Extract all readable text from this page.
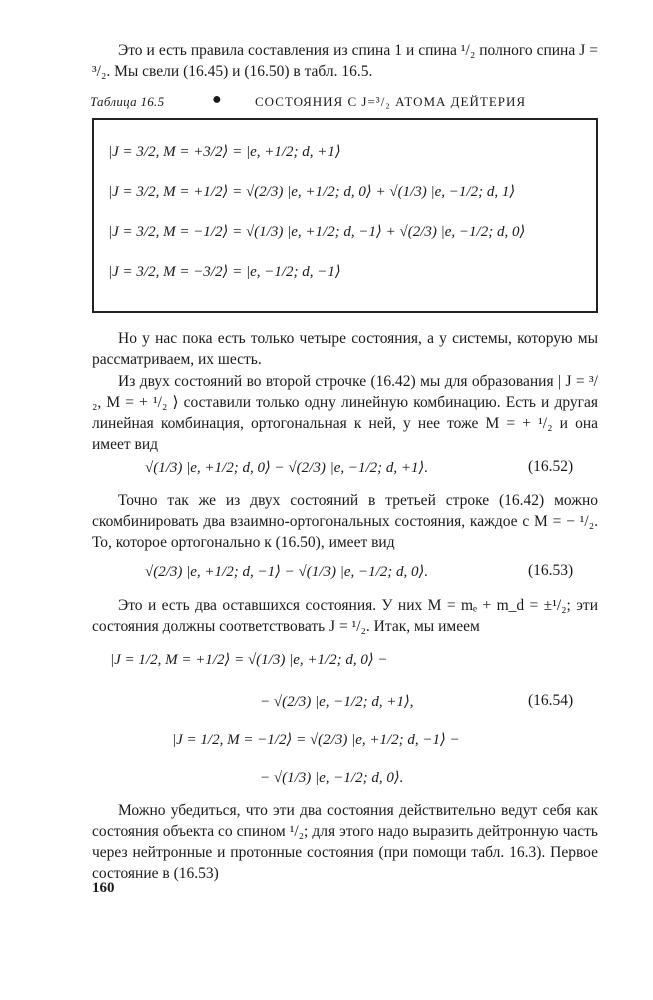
Это и есть правила составления из спина 1 и спина ¹/₂ полного спина J = ³/₂. Мы свели (16.45) и (16.50) в табл. 16.5.

Таблица 16.5	●	СОСТОЯНИЯ С J=³/₂ АТОМА ДЕЙТЕРИЯ
|J = 3/2, M = +3/2⟩ = |e, +1/2; d, +1⟩
|J = 3/2, M = +1/2⟩ = √(2/3) |e, +1/2; d, 0⟩ + √(1/3) |e, −1/2; d, 1⟩
|J = 3/2, M = −1/2⟩ = √(1/3) |e, +1/2; d, −1⟩ + √(2/3) |e, −1/2; d, 0⟩
|J = 3/2, M = −3/2⟩ = |e, −1/2; d, −1⟩

Но у нас пока есть только четыре состояния, а у системы, которую мы рассматриваем, их шесть.

Из двух состояний во второй строчке (16.42) мы для образования | J = ³/₂, M = + ¹/₂ ⟩ составили только одну линейную комбинацию. Есть и другая линейная комбинация, ортогональная к ней, у нее тоже M = + ¹/₂ и она имеет вид

√(1/3) |e, +1/2; d, 0⟩ − √(2/3) |e, −1/2; d, +1⟩.	(16.52)

Точно так же из двух состояний в третьей строке (16.42) можно скомбинировать два взаимно-ортогональных состояния, каждое с M = − ¹/₂. То, которое ортогонально к (16.50), имеет вид

√(2/3) |e, +1/2; d, −1⟩ − √(1/3) |e, −1/2; d, 0⟩.	(16.53)

Это и есть два оставшихся состояния. У них M = mₑ + m_d = ±¹/₂; эти состояния должны соответствовать J = ¹/₂. Итак, мы имеем

|J = 1/2, M = +1/2⟩ = √(1/3) |e, +1/2; d, 0⟩ −
− √(2/3) |e, −1/2; d, +1⟩,	(16.54)
|J = 1/2, M = −1/2⟩ = √(2/3) |e, +1/2; d, −1⟩ −
− √(1/3) |e, −1/2; d, 0⟩.

Можно убедиться, что эти два состояния действительно ведут себя как состояния объекта со спином ¹/₂; для этого надо выразить дейтронную часть через нейтронные и протонные состояния (при помощи табл. 16.3). Первое состояние в (16.53)

160
